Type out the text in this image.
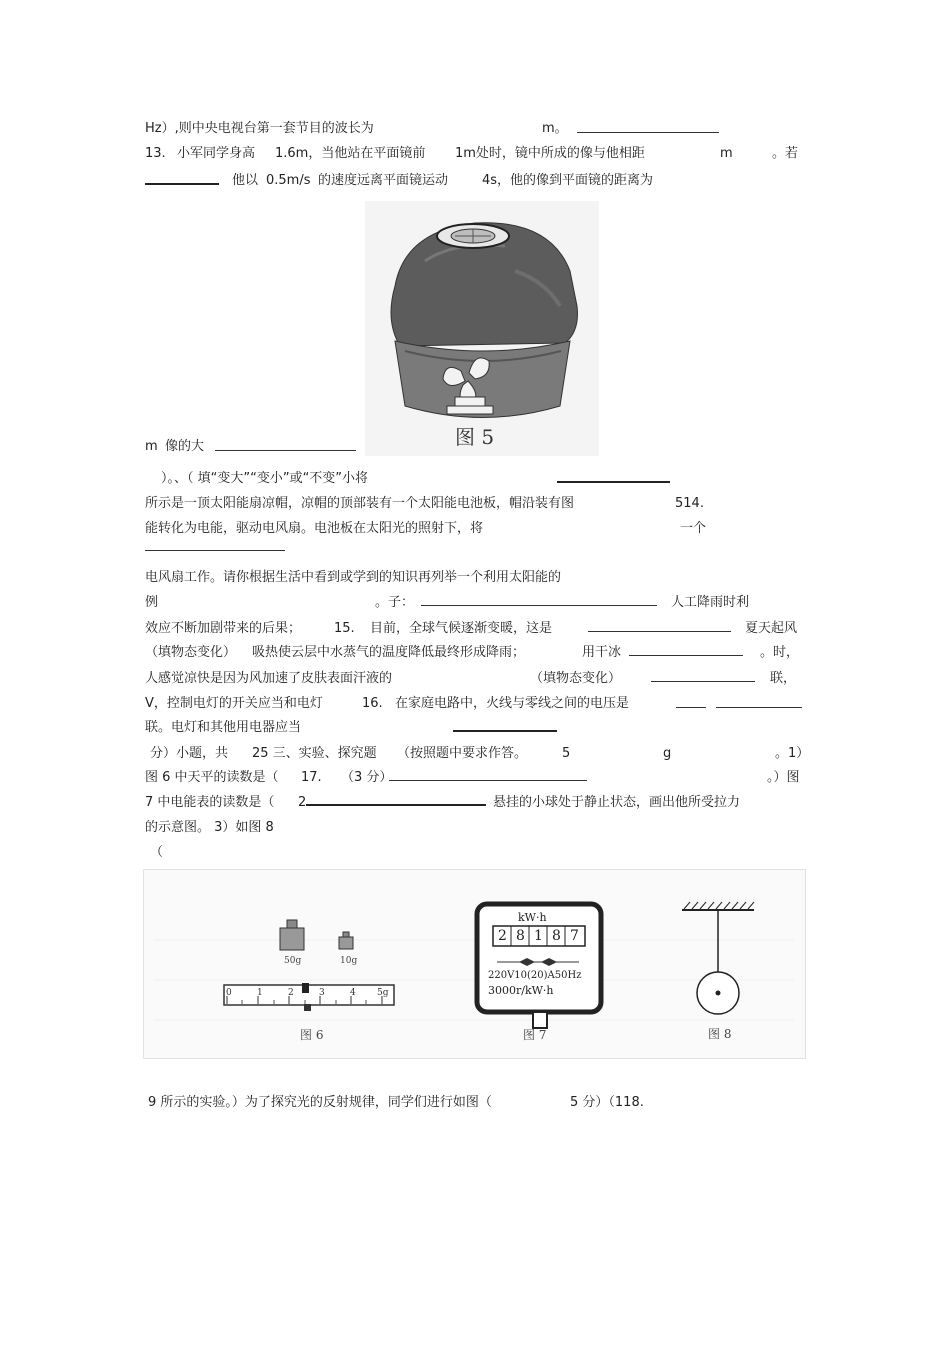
Hz）,则中央电视台第一套节目的波长为	m。
13. 小军同学身高 1.6m，当他站在平面镜前 1m处时，镜中所成的像与他相距	m	。若
他以 0.5m/s 的速度远离平面镜运动	4s，他的像到平面镜的距离为
图 5
m 像的大
）。、（ 填“变大”“变小”或“不变”小将
所示是一顶太阳能扇凉帽，凉帽的顶部装有一个太阳能电池板，帽沿装有图	514.
能转化为电能，驱动电风扇。电池板在太阳光的照射下，将	一个
电风扇工作。请你根据生活中看到或学到的知识再列举一个利用太阳能的
例	。子：	人工降雨时利
效应不断加剧带来的后果；	15. 目前，全球气候逐渐变暖，这是	夏天起风
（填物态变化） 吸热使云层中水蒸气的温度降低最终形成降雨；	用干冰	。时，
人感觉凉快是因为风加速了皮肤表面汗液的	（填物态变化）	联，
V，控制电灯的开关应当和电灯	16. 在家庭电路中，火线与零线之间的电压是
联。电灯和其他用电器应当
分）小题，共 25 三、实验、探究题 （按照题中要求作答。	5	g	。1）
图 6 中天平的读数是（ 17. （3 分）	。）图
7 中电能表的读数是（ 2	悬挂的小球处于静止状态，画出他所受拉力
的示意图。 3）如图 8
（
50g	10g
0	1	2	3	4 5g
图 6
kW·h
2 8 1 8 7
220V10(20)A50Hz
3000r/kW·h
图 7	图 8
9 所示的实验。）为了探究光的反射规律，同学们进行如图（	5 分）（118.
